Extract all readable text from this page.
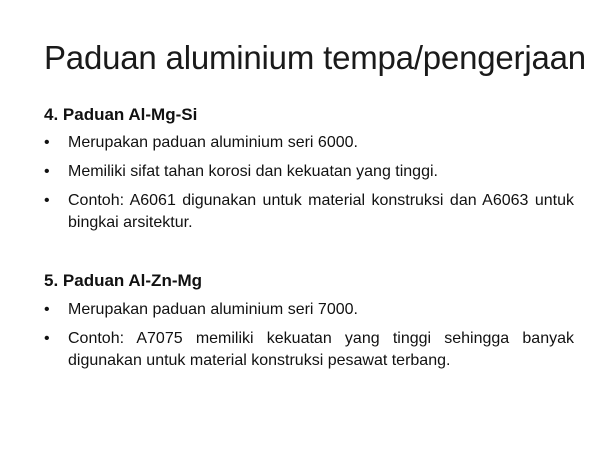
Paduan aluminium tempa/pengerjaan
4. Paduan Al-Mg-Si
•	Merupakan paduan aluminium seri 6000.
•	Memiliki sifat tahan korosi dan kekuatan yang tinggi.
•	Contoh: A6061 digunakan untuk material konstruksi dan A6063 untuk bingkai arsitektur.
5. Paduan Al-Zn-Mg
•	Merupakan paduan aluminium seri 7000.
•	Contoh: A7075 memiliki kekuatan yang tinggi sehingga banyak digunakan untuk material konstruksi pesawat terbang.
